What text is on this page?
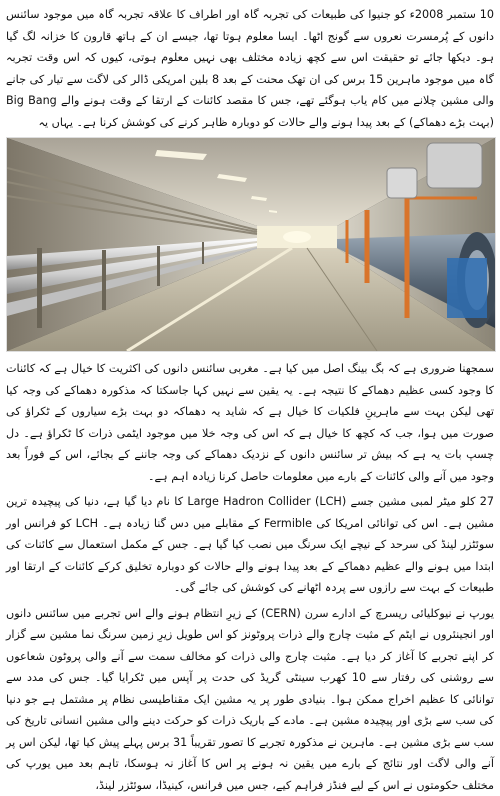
10 ستمبر 2008ء کو جنیوا کی طبیعات کی تجربہ گاہ اور اطراف کا علاقہ تجربہ گاہ میں موجود سائنس دانوں کے پُرمسرت نعروں سے گونج اٹھا۔ ایسا معلوم ہوتا تھا، جیسے ان کے ہاتھ قارون کا خزانہ لگ گیا ہو۔ دیکھا جائے تو حقیقت اس سے کچھ زیادہ مختلف بھی نہیں معلوم ہوتی، کیوں کہ اس وقت تجربہ گاہ میں موجود ماہرین 15 برس کی ان تھک محنت کے بعد 8 بلین امریکی ڈالر کی لاگت سے تیار کی جانے والی مشین چلانے میں کام یاب ہوگئے تھے، جس کا مقصد کائنات کے ارتقا کے وقت ہونے والے Big Bang (بہت بڑے دھماکے) کے بعد پیدا ہونے والے حالات کو دوبارہ ظاہر کرنے کی کوشش کرنا ہے۔ یہاں یہ

سمجھنا ضروری ہے کہ بگ بینگ اصل میں کیا ہے۔ مغربی سائنس دانوں کی اکثریت کا خیال ہے کہ کائنات کا وجود کسی عظیم دھماکے کا نتیجہ ہے۔ یہ یقین سے نہیں کہا جاسکتا کہ مذکورہ دھماکے کی وجہ کیا تھی لیکن بہت سے ماہرینِ فلکیات کا خیال ہے کہ شاید یہ دھماکہ دو بہت بڑے سیاروں کے ٹکراؤ کی صورت میں ہوا، جب کہ کچھ کا خیال ہے کہ اس کی وجہ خلا میں موجود ایٹمی ذرات کا ٹکراؤ ہے۔ دل چسپ بات یہ ہے کہ بیش تر سائنس دانوں کے نزدیک دھماکے کی وجہ جاننے کے بجائے، اس کے فوراً بعد وجود میں آنے والی کائنات کے بارے میں معلومات حاصل کرنا زیادہ اہم ہے۔

27 کلو میٹر لمبی مشین جسے Large Hadron Collider (LCH) کا نام دیا گیا ہے، دنیا کی پیچیدہ ترین مشین ہے۔ اس کی توانائی امریکا کی Fermible کے مقابلے میں دس گنا زیادہ ہے۔ LCH کو فرانس اور سوئٹزر لینڈ کی سرحد کے نیچے ایک سرنگ میں نصب کیا گیا ہے۔ جس کے مکمل استعمال سے کائنات کی ابتدا میں ہونے والے عظیم دھماکے کے بعد پیدا ہونے والے حالات کو دوبارہ تخلیق کرکے کائنات کے ارتقا اور طبیعات کے بہت سے رازوں سے پردہ اٹھانے کی کوشش کی جائے گی۔

یورپ نے نیوکلیائی ریسرچ کے ادارے سرن (CERN) کے زیرِ انتظام ہونے والے اس تجربے میں سائنس دانوں اور انجینئروں نے ایٹم کے مثبت چارج والے ذرات پروٹونز کو اس طویل زیرِ زمین سرنگ نما مشین سے گزار کر اپنے تجربے کا آغاز کر دیا ہے۔ مثبت چارج والی ذرات کو مخالف سمت سے آنے والی پروٹون شعاعوں سے روشنی کی رفتار سے 10 کھرب سینٹی گریڈ کی حدت پر آپس میں ٹکرایا گیا۔ جس کی مدد سے توانائی کا عظیم اخراج ممکن ہوا۔ بنیادی طور پر یہ مشین ایک مقناطیسی نظام پر مشتمل ہے جو دنیا کی سب سے بڑی اور پیچیدہ مشین ہے۔ مادے کے باریک ذرات کو حرکت دینے والی مشین انسانی تاریخ کی سب سے بڑی مشین ہے۔ ماہرین نے مذکورہ تجربے کا تصور تقریباً 31 برس پہلے پیش کیا تھا، لیکن اس پر آنے والی لاگت اور نتائج کے بارے میں یقین نہ ہونے پر اس کا آغاز نہ ہوسکا، تاہم بعد میں یورپ کی مختلف حکومتوں نے اس کے لیے فنڈز فراہم کیے، جس میں فرانس، کینیڈا، سوئٹزر لینڈ،
